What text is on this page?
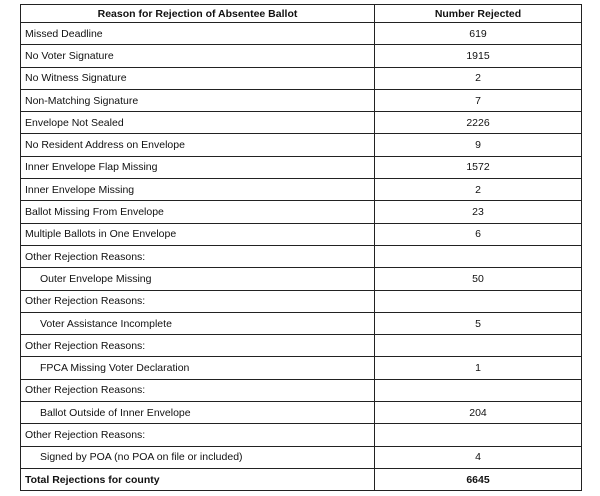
Reason for Rejection of Absentee Ballot	Number Rejected
Missed Deadline	619
No Voter Signature	1915
No Witness Signature	2
Non-Matching Signature	7
Envelope Not Sealed	2226
No Resident Address on Envelope	9
Inner Envelope Flap Missing	1572
Inner Envelope Missing	2
Ballot Missing From Envelope	23
Multiple Ballots in One Envelope	6
Other Rejection Reasons:	
Outer Envelope Missing	50
Other Rejection Reasons:	
Voter Assistance Incomplete	5
Other Rejection Reasons:	
FPCA Missing Voter Declaration	1
Other Rejection Reasons:	
Ballot Outside of Inner Envelope	204
Other Rejection Reasons:	
Signed by POA (no POA on file or included)	4
Total Rejections for county	6645
